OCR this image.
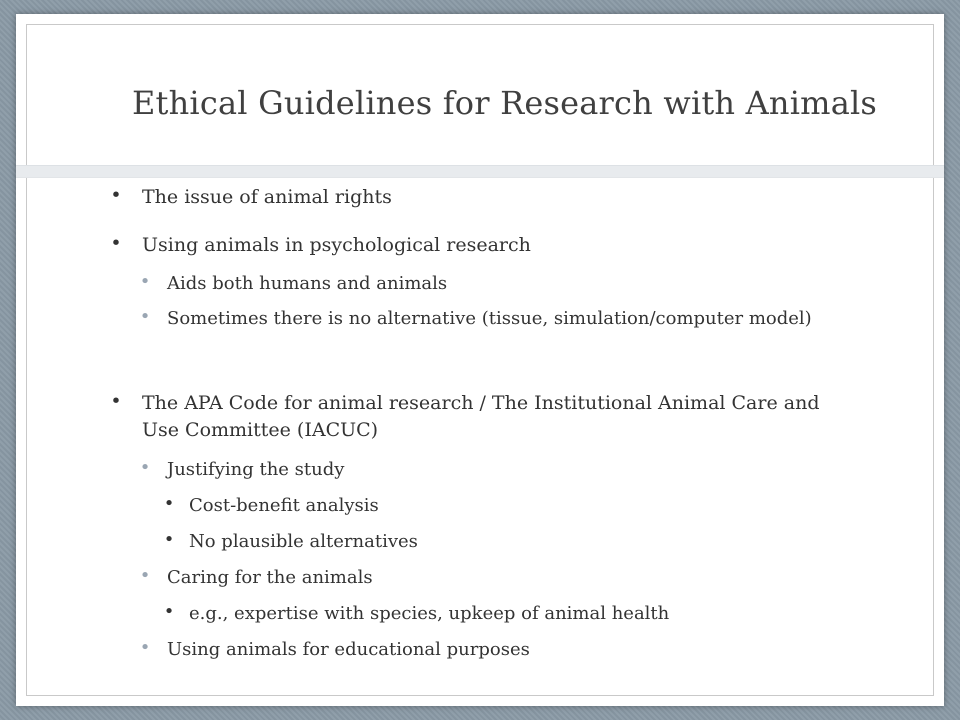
Ethical Guidelines for Research with Animals
• The issue of animal rights
• Using animals in psychological research
• Aids both humans and animals
• Sometimes there is no alternative (tissue, simulation/computer model)
• The APA Code for animal research / The Institutional Animal Care and Use Committee (IACUC)
• Justifying the study
• Cost-benefit analysis
• No plausible alternatives
• Caring for the animals
• e.g., expertise with species, upkeep of animal health
• Using animals for educational purposes
